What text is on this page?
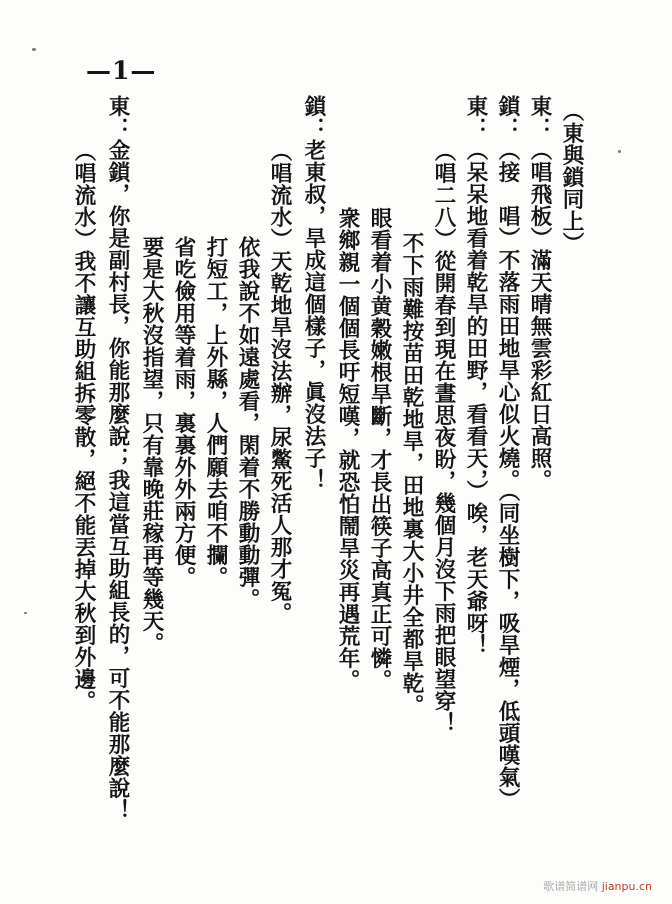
—1—
（東與鎖同上）
東：（唱飛板）滿天晴無雲彩紅日高照。
鎖：（接　唱）不落雨田地旱心似火燒。（同坐樹下，吸旱煙，低頭嘆氣）
東：（呆呆地看着乾旱的田野，看看天，）唉，老天爺呀！
（唱二八）從開春到現在晝思夜盼，幾個月沒下雨把眼望穿！
不下雨難按苗田乾地旱，田地裏大小井全都旱乾。
眼看着小黄穀嫩根旱斷，才長出筷子高真正可憐。
衆鄉親一個個長吁短嘆，就恐怕鬧旱災再遇荒年。
鎖：老東叔，旱成這個樣子，眞沒法子！
（唱流水）天乾地旱沒法辦，尿鱉死活人那才冤。
依我說不如遠處看，閑着不勝動動彈。
打短工，上外縣，人們願去咱不攔。
省吃儉用等着雨，裏裏外外兩方便。
要是大秋沒指望，只有靠晚莊稼再等幾天。
東：金鎖，你是副村長，你能那麼說；我這當互助組長的，可不能那麼說！
（唱流水）我不讓互助組拆零散，絕不能丟掉大秋到外邊。
歌谱简谱网 jianpu.cn
